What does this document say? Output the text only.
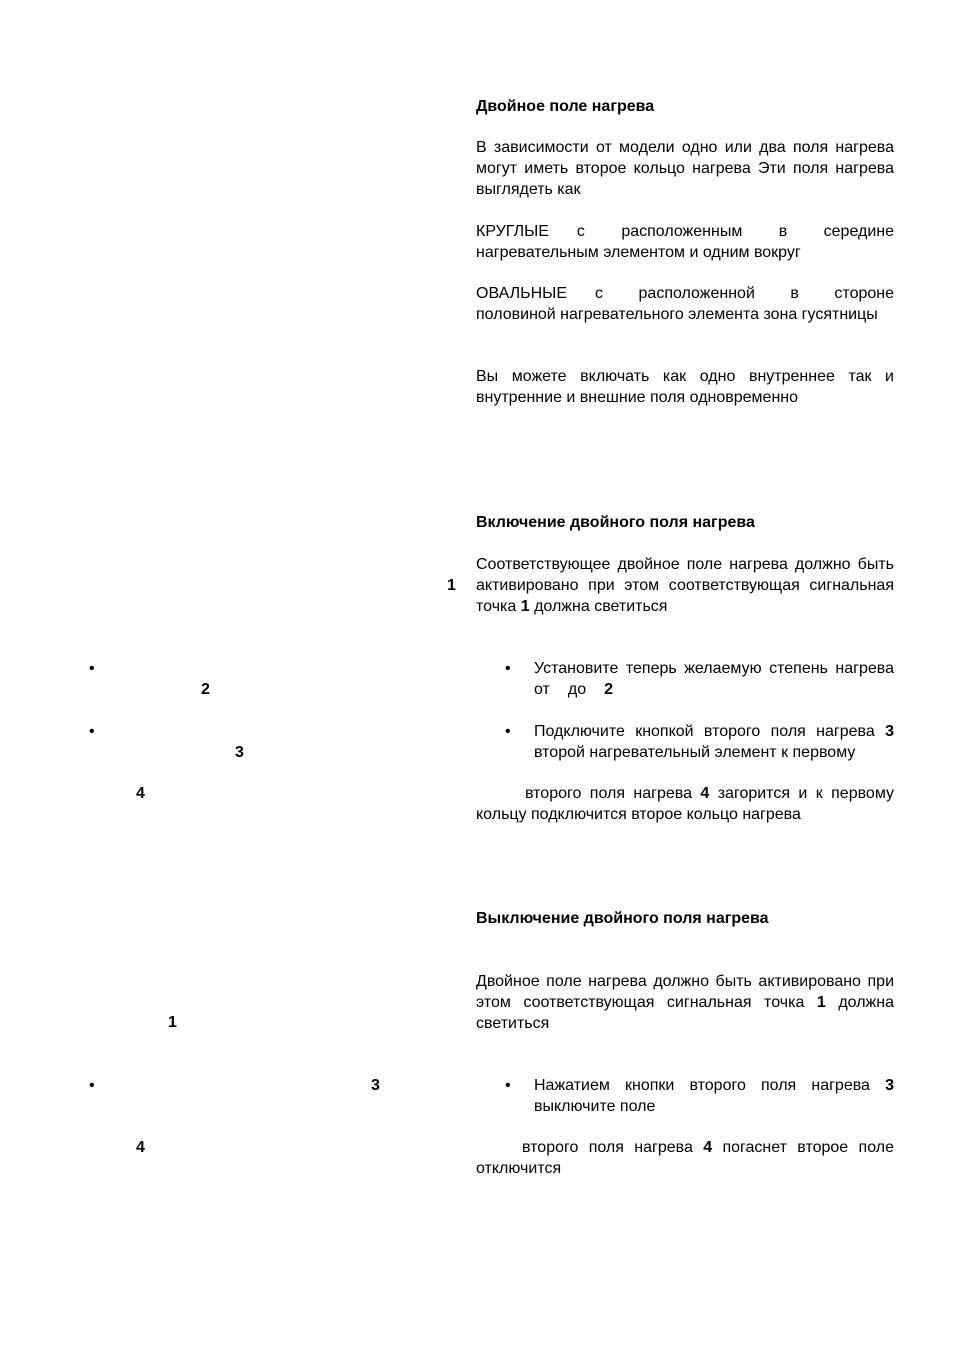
Двойное поле нагрева

В зависимости от модели одно или два поля нагрева могут иметь второе кольцо нагрева Эти поля нагрева выглядеть как

КРУГЛЫЕ с расположенным в середине
нагревательным элементом и одним вокруг
ОВАЛЬНЫЕ с расположенной в стороне
половиной нагревательного элемента зона гусятницы

Вы можете включать как одно внутреннее так и внутренние и внешние поля одновременно

Включение двойного поля нагрева

Соответствующее двойное поле нагрева должно быть активировано при этом соответствующая сигнальная точка 1 должна светиться

• Установите теперь желаемую степень нагрева от до 2
• Подключите кнопкой второго поля нагрева 3 второй нагревательный элемент к первому

второго поля нагрева 4 загорится и к первому кольцу подключится второе кольцо нагрева

Выключение двойного поля нагрева

Двойное поле нагрева должно быть активировано при этом соответствующая сигнальная точка 1 должна светиться

• Нажатием кнопки второго поля нагрева 3 выключите поле

второго поля нагрева 4 погаснет второе поле отключится

1
•
2
•
3
4
1
•	3
4
